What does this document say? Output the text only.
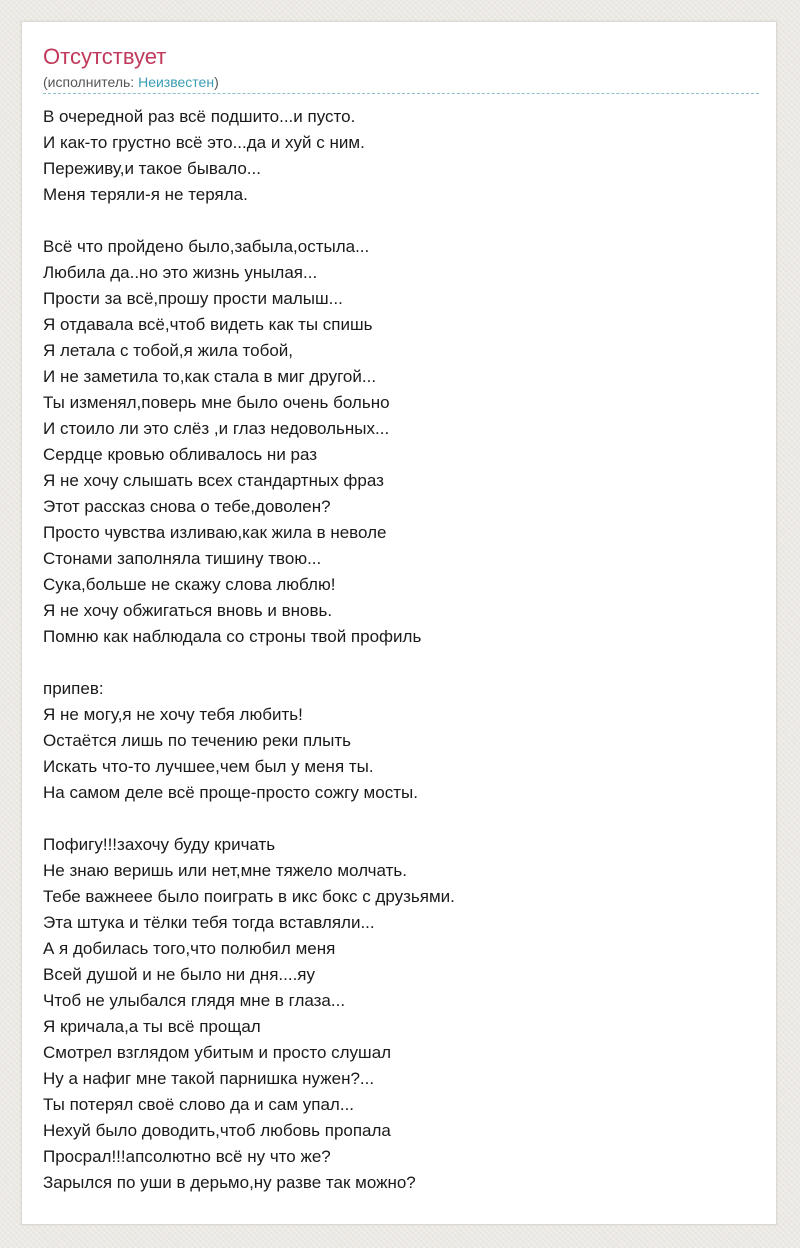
Отсутствует
(исполнитель: Неизвестен)
В очередной раз всё подшито...и пусто.
И как-то грустно всё это...да и хуй с ним.
Переживу,и такое бывало...
Меня теряли-я не теряла.
Всё что пройдено было,забыла,остыла...
Любила да..но это жизнь унылая...
Прости за всё,прошу прости малыш...
Я отдавала всё,чтоб видеть как ты спишь
Я летала с тобой,я жила тобой,
И не заметила то,как стала в миг другой...
Ты изменял,поверь мне было очень больно
И стоило ли это слёз ,и глаз недовольных...
Сердце кровью обливалось ни раз
Я не хочу слышать всех стандартных фраз
Этот рассказ снова о тебе,доволен?
Просто чувства изливаю,как жила в неволе
Стонами заполняла тишину твою...
Сука,больше не скажу слова люблю!
Я не хочу обжигаться вновь и вновь.
Помню как наблюдала со строны твой профиль
припев:
Я не могу,я не хочу тебя любить!
Остаётся лишь по течению реки плыть
Искать что-то лучшее,чем был у меня ты.
На самом деле всё проще-просто сожгу мосты.
Пофигу!!!захочу буду кричать
Не знаю веришь или нет,мне тяжело молчать.
Тебе важнеее было поиграть в икс бокс с друзьями.
Эта штука и тёлки тебя тогда вставляли...
А я добилась того,что полюбил меня
Всей душой и не было ни дня....яу
Чтоб не улыбался глядя мне в глаза...
Я кричала,а ты всё прощал
Смотрел взглядом убитым и просто слушал
Ну а нафиг мне такой парнишка нужен?...
Ты потерял своё слово да и сам упал...
Нехуй было доводить,чтоб любовь пропала
Просрал!!!апсолютно всё ну что же?
Зарылся по уши в дерьмо,ну разве так можно?
